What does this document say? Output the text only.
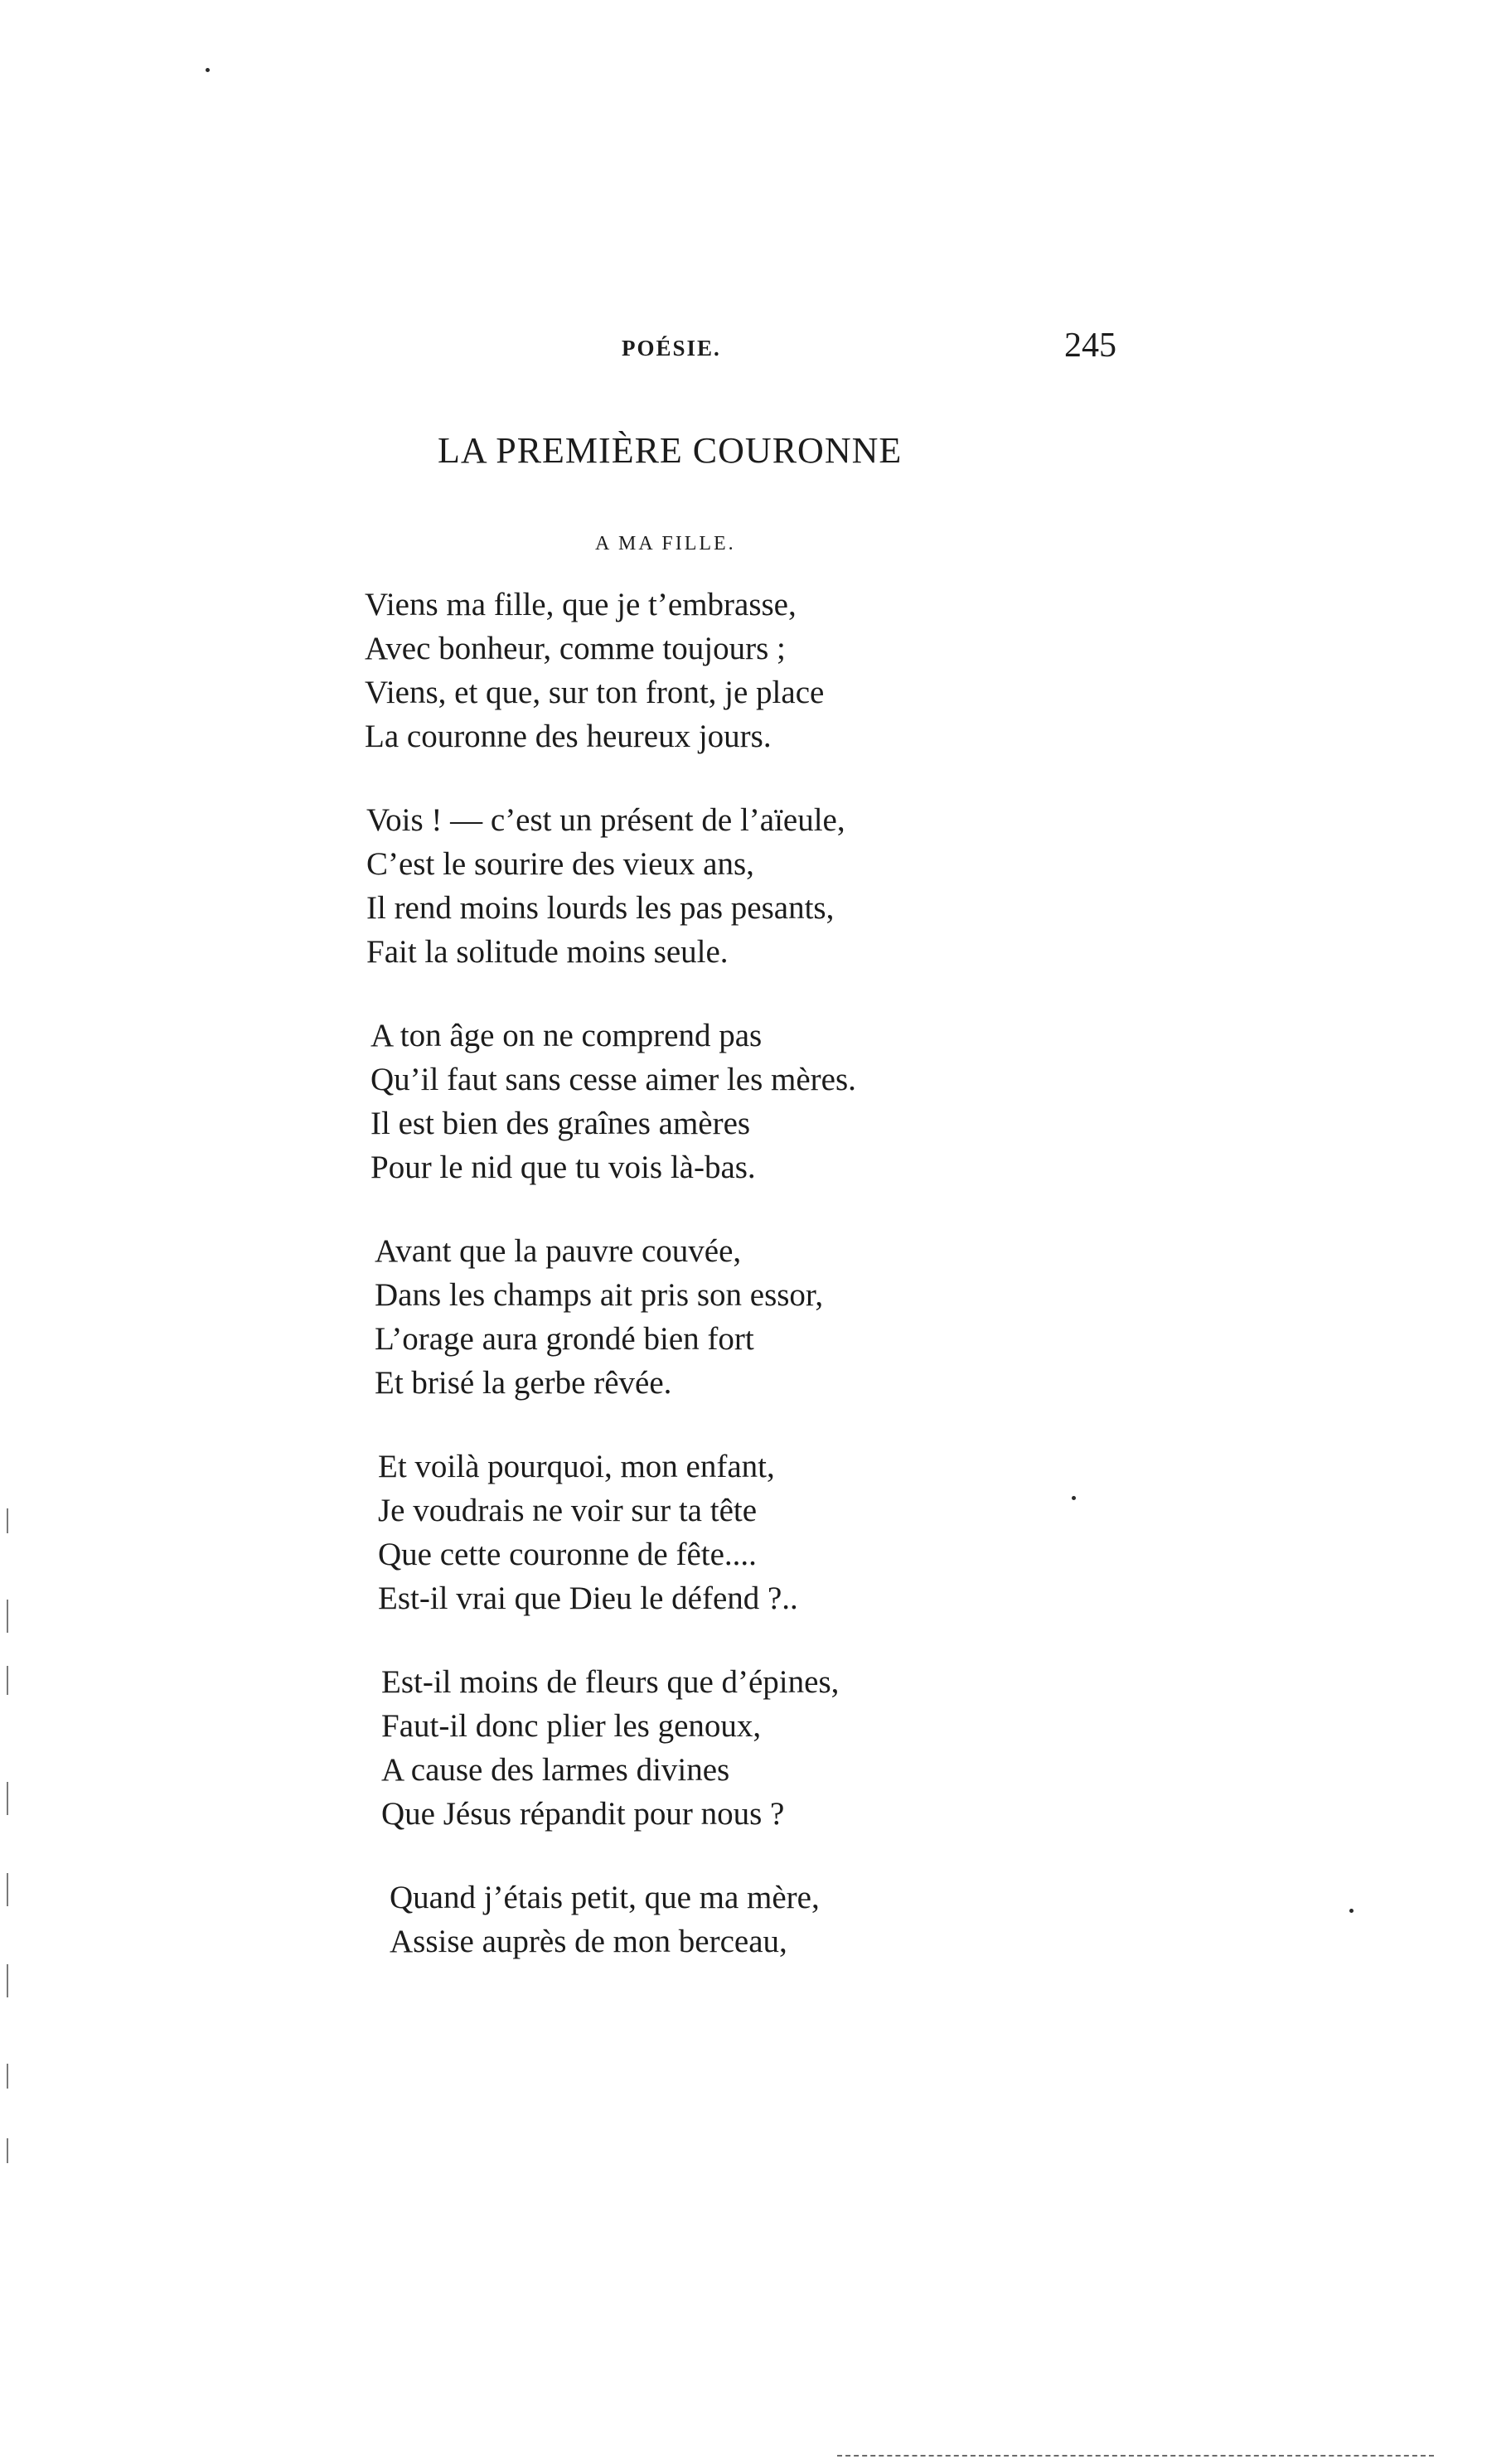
POÉSIE.	245
LA PREMIÈRE COURONNE
A MA FILLE.
Viens ma fille, que je t’embrasse,
Avec bonheur, comme toujours ;
Viens, et que, sur ton front, je place
La couronne des heureux jours.
Vois ! — c’est un présent de l’aïeule,
C’est le sourire des vieux ans,
Il rend moins lourds les pas pesants,
Fait la solitude moins seule.
A ton âge on ne comprend pas
Qu’il faut sans cesse aimer les mères.
Il est bien des graînes amères
Pour le nid que tu vois là-bas.
Avant que la pauvre couvée,
Dans les champs ait pris son essor,
L’orage aura grondé bien fort
Et brisé la gerbe rêvée.
Et voilà pourquoi, mon enfant,
Je voudrais ne voir sur ta tête
Que cette couronne de fête....
Est-il vrai que Dieu le défend ?..
Est-il moins de fleurs que d’épines,
Faut-il donc plier les genoux,
A cause des larmes divines
Que Jésus répandit pour nous ?
Quand j’étais petit, que ma mère,
Assise auprès de mon berceau,
